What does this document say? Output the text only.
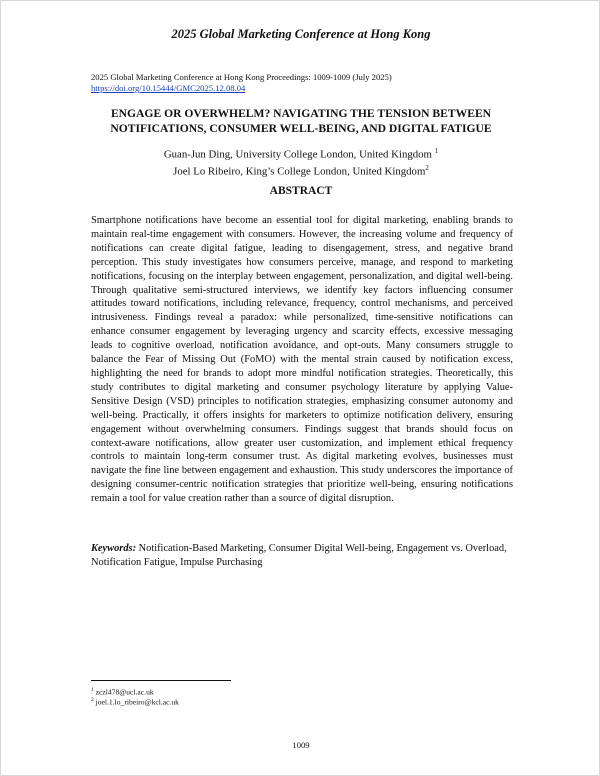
2025 Global Marketing Conference at Hong Kong
2025 Global Marketing Conference at Hong Kong Proceedings: 1009-1009 (July 2025)
https://doi.org/10.15444/GMC2025.12.08.04
ENGAGE OR OVERWHELM? NAVIGATING THE TENSION BETWEEN
NOTIFICATIONS, CONSUMER WELL-BEING, AND DIGITAL FATIGUE
Guan-Jun Ding, University College London, United Kingdom $^1$
Joel Lo Ribeiro, King’s College London, United Kingdom$^2$
ABSTRACT
Smartphone notifications have become an essential tool for digital marketing, enabling brands to maintain real-time engagement with consumers. However, the increasing volume and frequency of notifications can create digital fatigue, leading to disengagement, stress, and negative brand perception. This study investigates how consumers perceive, manage, and respond to marketing notifications, focusing on the interplay between engagement, personalization, and digital well-being. Through qualitative semi-structured interviews, we identify key factors influencing consumer attitudes toward notifications, including relevance, frequency, control mechanisms, and perceived intrusiveness. Findings reveal a paradox: while personalized, time-sensitive notifications can enhance consumer engagement by leveraging urgency and scarcity effects, excessive messaging leads to cognitive overload, notification avoidance, and opt-outs. Many consumers struggle to balance the Fear of Missing Out (FoMO) with the mental strain caused by notification excess, highlighting the need for brands to adopt more mindful notification strategies. Theoretically, this study contributes to digital marketing and consumer psychology literature by applying Value-Sensitive Design (VSD) principles to notification strategies, emphasizing consumer autonomy and well-being. Practically, it offers insights for marketers to optimize notification delivery, ensuring engagement without overwhelming consumers. Findings suggest that brands should focus on context-aware notifications, allow greater user customization, and implement ethical frequency controls to maintain long-term consumer trust. As digital marketing evolves, businesses must navigate the fine line between engagement and exhaustion. This study underscores the importance of designing consumer-centric notification strategies that prioritize well-being, ensuring notifications remain a tool for value creation rather than a source of digital disruption.
Keywords: Notification-Based Marketing, Consumer Digital Well-being, Engagement vs. Overload, Notification Fatigue, Impulse Purchasing
$^1$ zczl478@ucl.ac.uk
$^2$ joel.1.lo_ribeiro@kcl.ac.uk
1009
